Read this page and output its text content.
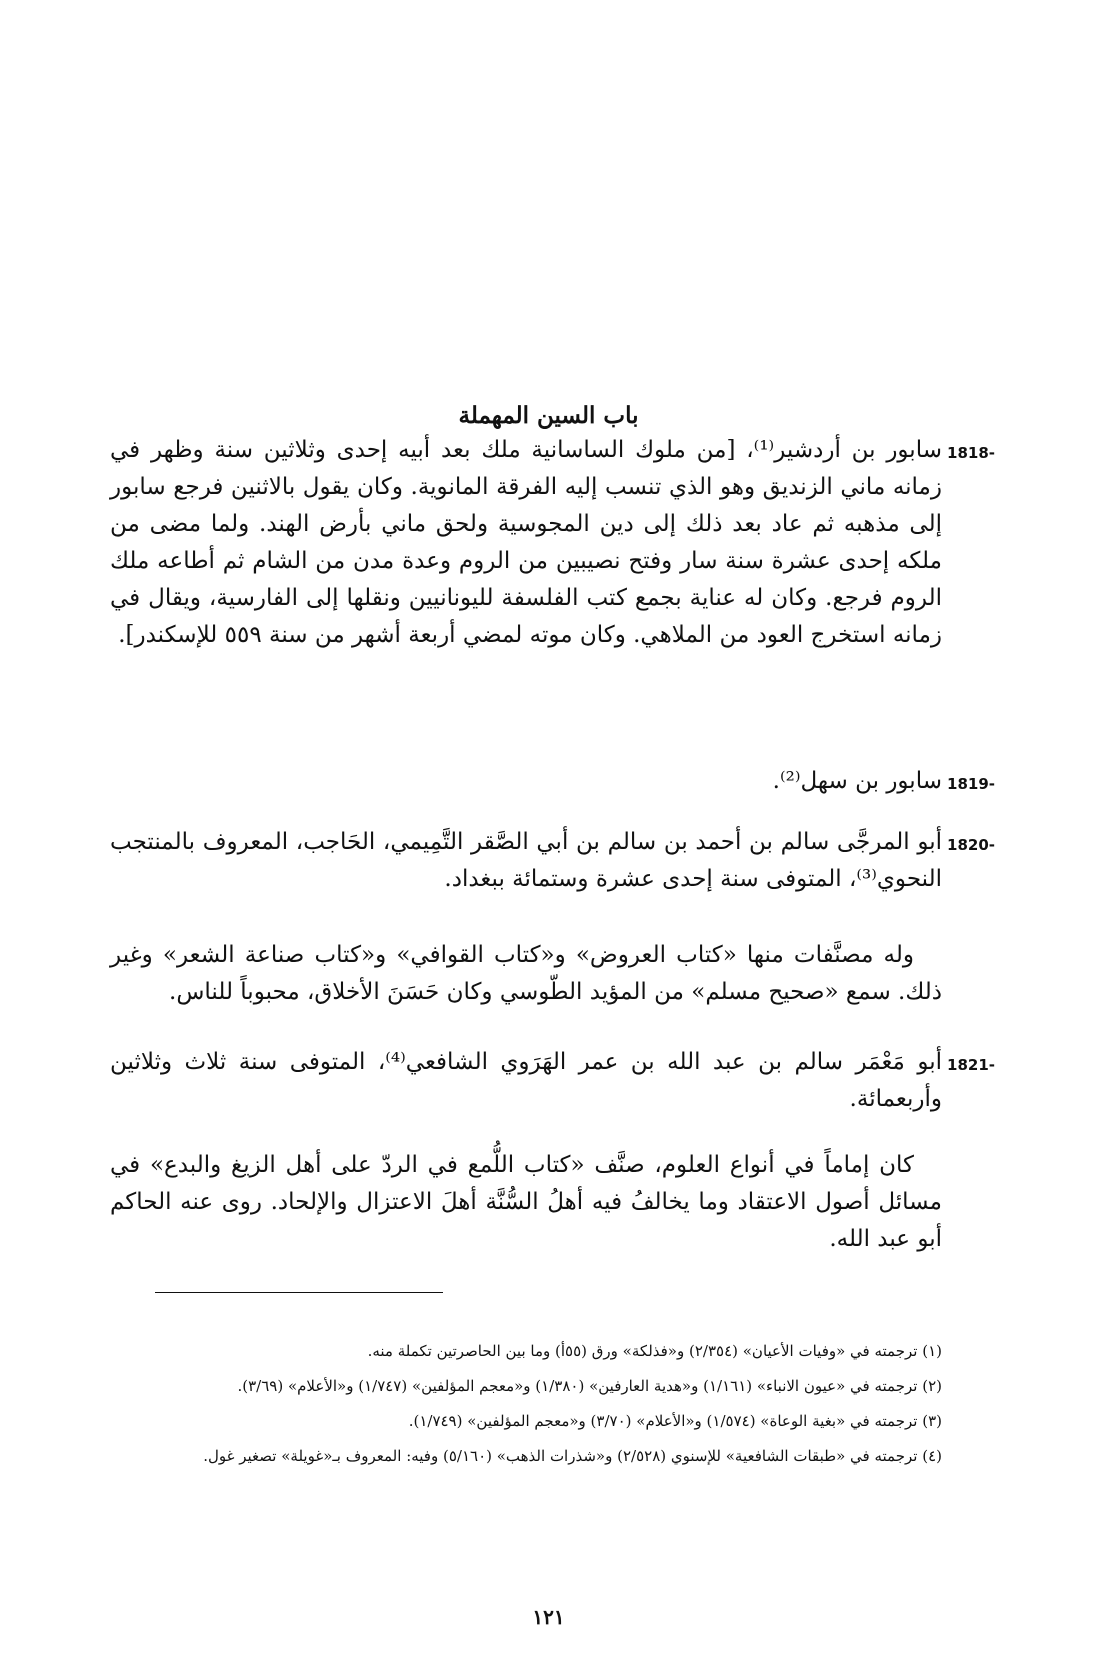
باب السين المهملة
1818-
سابور بن أردشير⁽¹⁾، [من ملوك الساسانية ملك بعد أبيه إحدى وثلاثين سنة وظهر في زمانه ماني الزنديق وهو الذي تنسب إليه الفرقة المانوية. وكان يقول بالاثنين فرجع سابور إلى مذهبه ثم عاد بعد ذلك إلى دين المجوسية ولحق ماني بأرض الهند. ولما مضى من ملكه إحدى عشرة سنة سار وفتح نصيبين من الروم وعدة مدن من الشام ثم أطاعه ملك الروم فرجع. وكان له عناية بجمع كتب الفلسفة لليونانيين ونقلها إلى الفارسية، ويقال في زمانه استخرج العود من الملاهي. وكان موته لمضي أربعة أشهر من سنة ٥٥٩ للإسكندر].
1819-
سابور بن سهل⁽²⁾.
1820-
أبو المرجَّى سالم بن أحمد بن سالم بن أبي الصَّقر التَّمِيمي، الحَاجب، المعروف بالمنتجب النحوي⁽³⁾، المتوفى سنة إحدى عشرة وستمائة ببغداد.
وله مصنَّفات منها «كتاب العروض» و«كتاب القوافي» و«كتاب صناعة الشعر» وغير ذلك. سمع «صحيح مسلم» من المؤيد الطّوسي وكان حَسَنَ الأخلاق، محبوباً للناس.
1821-
أبو مَعْمَر سالم بن عبد الله بن عمر الهَرَوي الشافعي⁽⁴⁾، المتوفى سنة ثلاث وثلاثين وأربعمائة.
كان إماماً في أنواع العلوم، صنَّف «كتاب اللُّمع في الردّ على أهل الزيغ والبدع» في مسائل أصول الاعتقاد وما يخالفُ فيه أهلُ السُّنَّة أهلَ الاعتزال والإلحاد. روى عنه الحاكم أبو عبد الله.
(١) ترجمته في «وفيات الأعيان» (٢/٣٥٤) و«فذلكة» ورق (٥٥أ) وما بين الحاصرتين تكملة منه.
(٢) ترجمته في «عيون الانباء» (١/١٦١) و«هدية العارفين» (١/٣٨٠) و«معجم المؤلفين» (١/٧٤٧) و«الأعلام» (٣/٦٩).
(٣) ترجمته في «بغية الوعاة» (١/٥٧٤) و«الأعلام» (٣/٧٠) و«معجم المؤلفين» (١/٧٤٩).
(٤) ترجمته في «طبقات الشافعية» للإسنوي (٢/٥٢٨) و«شذرات الذهب» (٥/١٦٠) وفيه: المعروف بـ«غويلة» تصغير غول.
١٢١
